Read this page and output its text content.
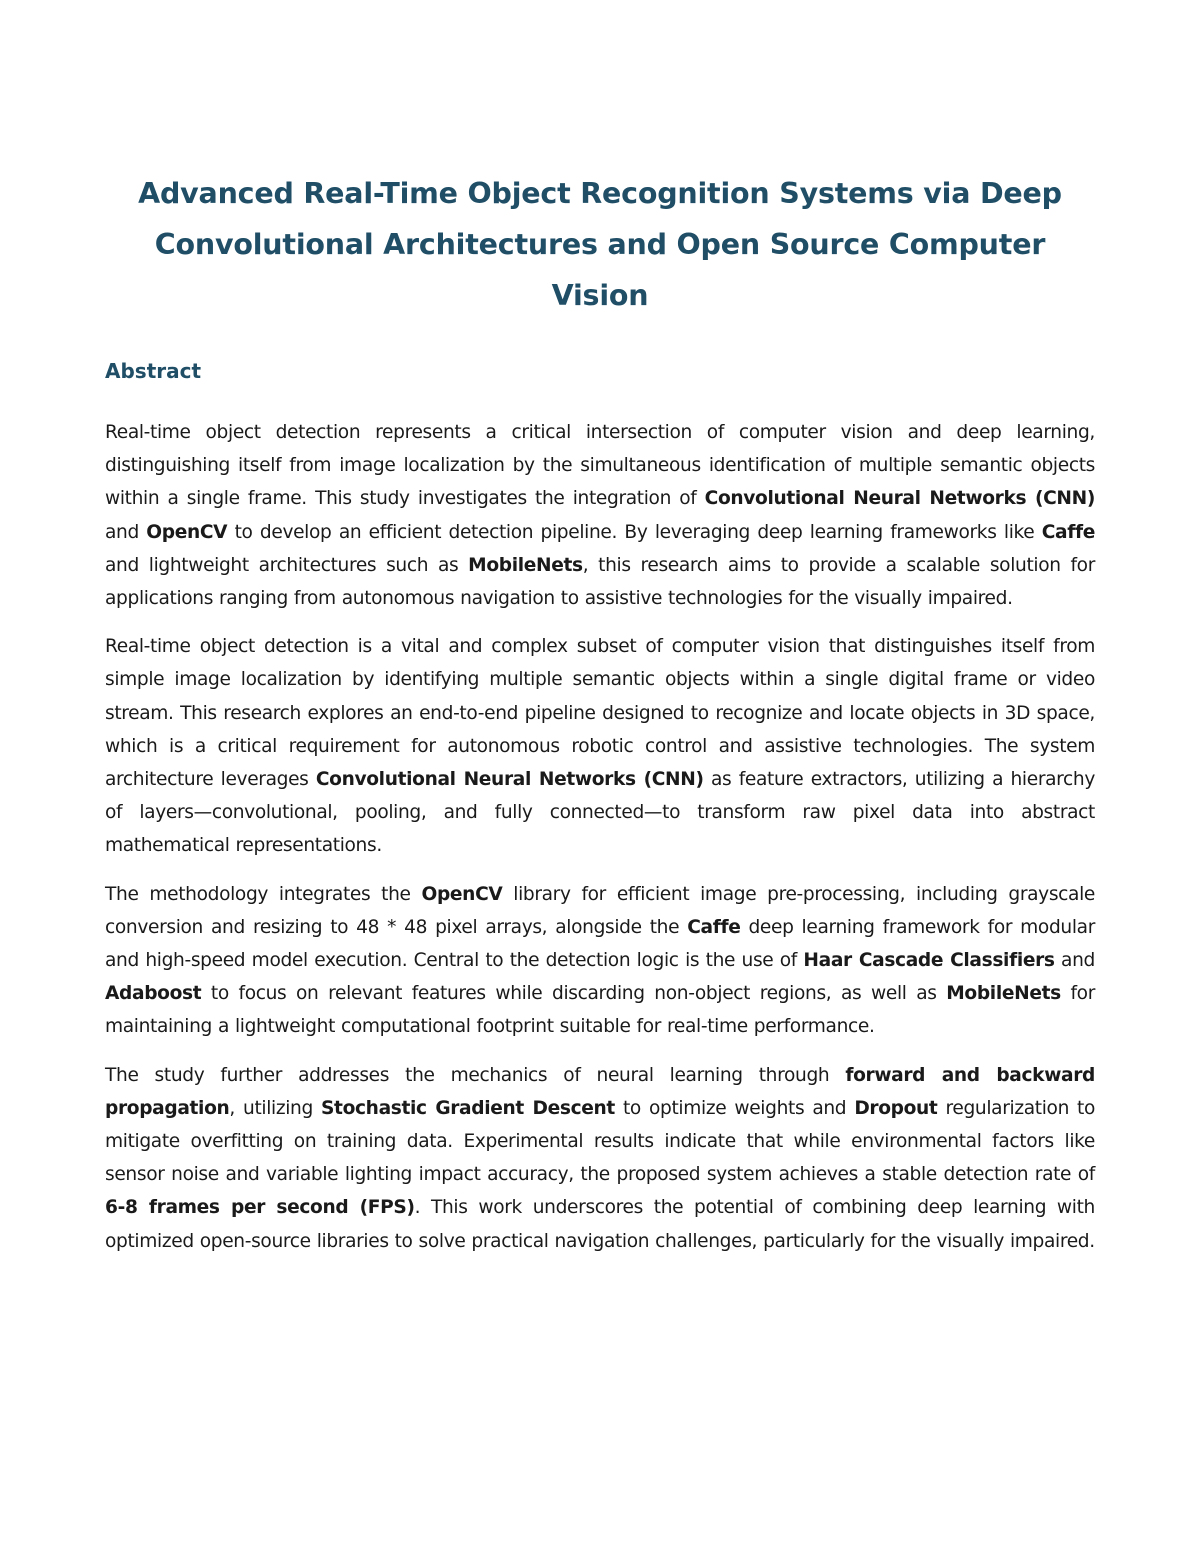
Advanced Real-Time Object Recognition Systems via Deep Convolutional Architectures and Open Source Computer Vision
Abstract

Real-time object detection represents a critical intersection of computer vision and deep learning, distinguishing itself from image localization by the simultaneous identification of multiple semantic objects within a single frame. This study investigates the integration of Convolutional Neural Networks (CNN) and OpenCV to develop an efficient detection pipeline. By leveraging deep learning frameworks like Caffe and lightweight architectures such as MobileNets, this research aims to provide a scalable solution for applications ranging from autonomous navigation to assistive technologies for the visually impaired.

Real-time object detection is a vital and complex subset of computer vision that distinguishes itself from simple image localization by identifying multiple semantic objects within a single digital frame or video stream. This research explores an end-to-end pipeline designed to recognize and locate objects in 3D space, which is a critical requirement for autonomous robotic control and assistive technologies. The system architecture leverages Convolutional Neural Networks (CNN) as feature extractors, utilizing a hierarchy of layers—convolutional, pooling, and fully connected—to transform raw pixel data into abstract mathematical representations.

The methodology integrates the OpenCV library for efficient image pre-processing, including grayscale conversion and resizing to 48 * 48 pixel arrays, alongside the Caffe deep learning framework for modular and high-speed model execution. Central to the detection logic is the use of Haar Cascade Classifiers and Adaboost to focus on relevant features while discarding non-object regions, as well as MobileNets for maintaining a lightweight computational footprint suitable for real-time performance.

The study further addresses the mechanics of neural learning through forward and backward propagation, utilizing Stochastic Gradient Descent to optimize weights and Dropout regularization to mitigate overfitting on training data. Experimental results indicate that while environmental factors like sensor noise and variable lighting impact accuracy, the proposed system achieves a stable detection rate of 6-8 frames per second (FPS). This work underscores the potential of combining deep learning with optimized open-source libraries to solve practical navigation challenges, particularly for the visually impaired.
